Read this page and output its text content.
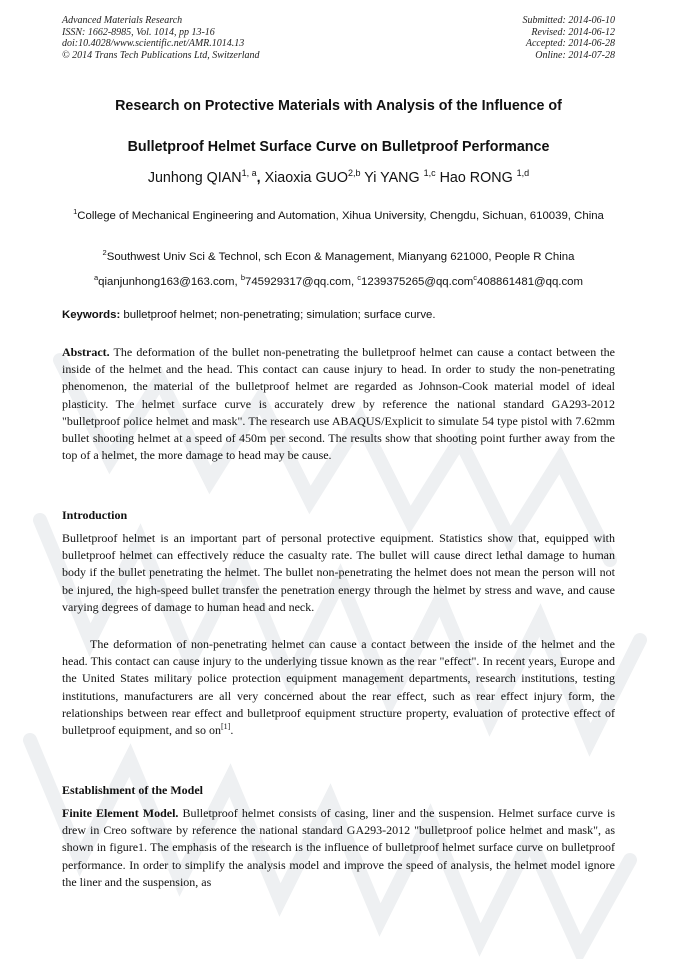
Advanced Materials Research
ISSN: 1662-8985, Vol. 1014, pp 13-16
doi:10.4028/www.scientific.net/AMR.1014.13
© 2014 Trans Tech Publications Ltd, Switzerland
Submitted: 2014-06-10
Revised: 2014-06-12
Accepted: 2014-06-28
Online: 2014-07-28
Research on Protective Materials with Analysis of the Influence of
Bulletproof Helmet Surface Curve on Bulletproof Performance
Junhong QIAN$^{1, a}$, Xiaoxia GUO$^{2,b}$ Yi YANG $^{1,c}$ Hao RONG $^{1,d}$
$^1$College of Mechanical Engineering and Automation, Xihua University, Chengdu, Sichuan, 610039, China
$^2$Southwest Univ Sci & Technol, sch Econ & Management, Mianyang 621000, People R China
$^a$qianjunhong163@163.com, $^b$745929317@qq.com, $^c$1239375265@qq.com$^c$408861481@qq.com
Keywords: bulletproof helmet; non-penetrating; simulation; surface curve.
Abstract. The deformation of the bullet non-penetrating the bulletproof helmet can cause a contact between the inside of the helmet and the head. This contact can cause injury to head. In order to study the non-penetrating phenomenon, the material of the bulletproof helmet are regarded as Johnson-Cook material model of ideal plasticity. The helmet surface curve is accurately drew by reference the national standard GA293-2012 "bulletproof police helmet and mask". The research use ABAQUS/Explicit to simulate 54 type pistol with 7.62mm bullet shooting helmet at a speed of 450m per second. The results show that shooting point further away from the top of a helmet, the more damage to head may be cause.
Introduction
Bulletproof helmet is an important part of personal protective equipment. Statistics show that, equipped with bulletproof helmet can effectively reduce the casualty rate. The bullet will cause direct lethal damage to human body if the bullet penetrating the helmet. The bullet non-penetrating the helmet does not mean the person will not be injured, the high-speed bullet transfer the penetration energy through the helmet by stress and wave, and cause varying degrees of damage to human head and neck.
The deformation of non-penetrating helmet can cause a contact between the inside of the helmet and the head. This contact can cause injury to the underlying tissue known as the rear "effect". In recent years, Europe and the United States military police protection equipment management departments, research institutions, testing institutions, manufacturers are all very concerned about the rear effect, such as rear effect injury form, the relationships between rear effect and bulletproof equipment structure property, evaluation of protective effect of bulletproof equipment, and so on[1].
Establishment of the Model
Finite Element Model. Bulletproof helmet consists of casing, liner and the suspension. Helmet surface curve is drew in Creo software by reference the national standard GA293-2012 "bulletproof police helmet and mask", as shown in figure1. The emphasis of the research is the influence of bulletproof helmet surface curve on bulletproof performance. In order to simplify the analysis model and improve the speed of analysis, the helmet model ignore the liner and the suspension, as
